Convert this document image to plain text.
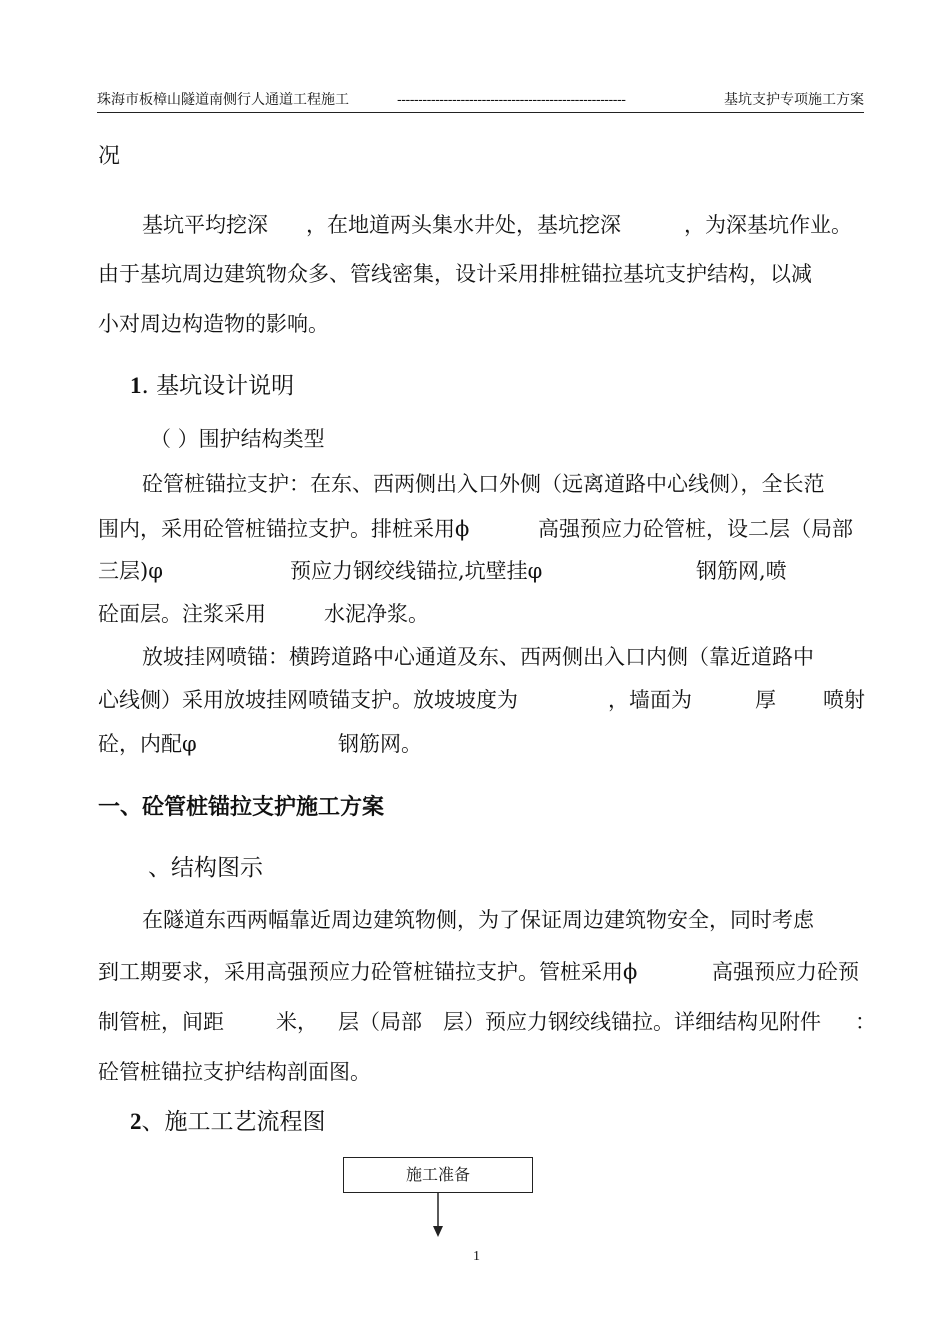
珠海市板樟山隧道南侧行人通道工程施工	------------------------------------------------------	基坑支护专项施工方案
况
基坑平均挖深 ，在地道两头集水井处，基坑挖深	，为深基坑作业。
由于基坑周边建筑物众多、管线密集，设计采用排桩锚拉基坑支护结构，以减
小对周边构造物的影响。
1. 基坑设计说明
（ ）围护结构类型
砼管桩锚拉支护：在东、西两侧出入口外侧（远离道路中心线侧），全长范
围内，采用砼管桩锚拉支护。排桩采用ϕ	高强预应力砼管桩，设二层（局部
三层)φ	预应力钢绞线锚拉,坑壁挂φ	钢筋网,喷
砼面层。注浆采用	水泥净浆。
放坡挂网喷锚：横跨道路中心通道及东、西两侧出入口内侧（靠近道路中
心线侧）采用放坡挂网喷锚支护。放坡坡度为	，墙面为	厚 喷射
砼，内配φ	钢筋网。
一、砼管桩锚拉支护施工方案
、结构图示
在隧道东西两幅靠近周边建筑物侧，为了保证周边建筑物安全，同时考虑
到工期要求，采用高强预应力砼管桩锚拉支护。管桩采用ϕ	高强预应力砼预
制管桩，间距 米， 层（局部 层）预应力钢绞线锚拉。详细结构见附件 ：
砼管桩锚拉支护结构剖面图。
2、施工工艺流程图
施工准备
1
